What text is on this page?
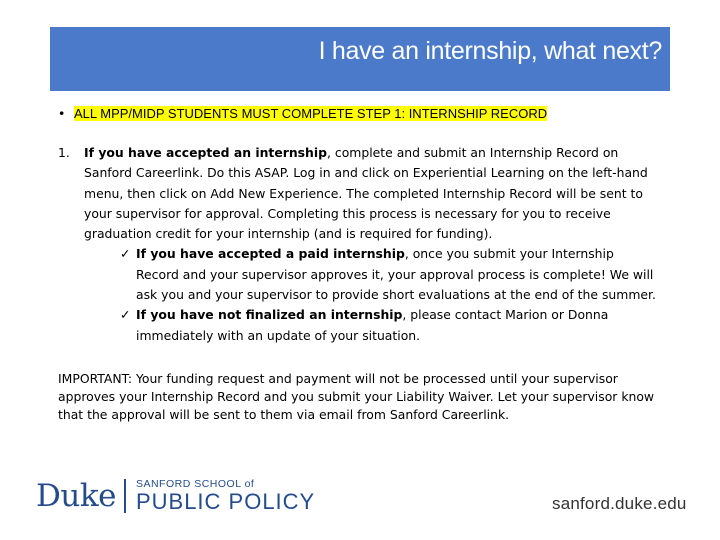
I have an internship, what next?
• ALL MPP/MIDP STUDENTS MUST COMPLETE STEP 1: INTERNSHIP RECORD
1.	If you have accepted an internship, complete and submit an Internship Record on Sanford Careerlink. Do this ASAP. Log in and click on Experiential Learning on the left-hand menu, then click on Add New Experience. The completed Internship Record will be sent to your supervisor for approval. Completing this process is necessary for you to receive graduation credit for your internship (and is required for funding).
✓ If you have accepted a paid internship, once you submit your Internship Record and your supervisor approves it, your approval process is complete! We will ask you and your supervisor to provide short evaluations at the end of the summer.
✓ If you have not finalized an internship, please contact Marion or Donna immediately with an update of your situation.
IMPORTANT: Your funding request and payment will not be processed until your supervisor approves your Internship Record and you submit your Liability Waiver. Let your supervisor know that the approval will be sent to them via email from Sanford Careerlink.
Duke SANFORD SCHOOL of
PUBLIC POLICY	sanford.duke.edu
